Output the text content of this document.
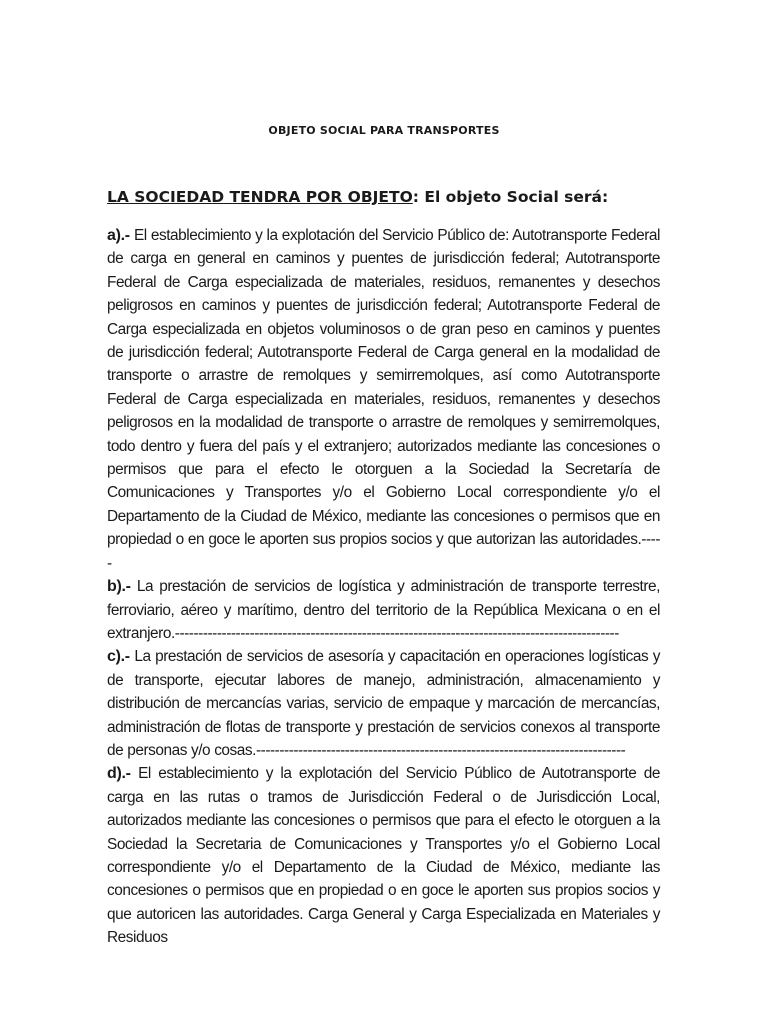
OBJETO SOCIAL PARA TRANSPORTES
LA SOCIEDAD TENDRA POR OBJETO: El objeto Social será:

a).- El establecimiento y la explotación del Servicio Público de: Autotransporte Federal de carga en general en caminos y puentes de jurisdicción federal; Autotransporte Federal de Carga especializada de materiales, residuos, remanentes y desechos peligrosos en caminos y puentes de jurisdicción federal; Autotransporte Federal de Carga especializada en objetos voluminosos o de gran peso en caminos y puentes de jurisdicción federal; Autotransporte Federal de Carga general en la modalidad de transporte o arrastre de remolques y semirremolques, así como Autotransporte Federal de Carga especializada en materiales, residuos, remanentes y desechos peligrosos en la modalidad de transporte o arrastre de remolques y semirremolques, todo dentro y fuera del país y el extranjero; autorizados mediante las concesiones o permisos que para el efecto le otorguen a la Sociedad la Secretaría de Comunicaciones y Transportes y/o el Gobierno Local correspondiente y/o el Departamento de la Ciudad de México, mediante las concesiones o permisos que en propiedad o en goce le aporten sus propios socios y que autorizan las autoridades.-----

b).- La prestación de servicios de logística y administración de transporte terrestre, ferroviario, aéreo y marítimo, dentro del territorio de la República Mexicana o en el extranjero.-----------------------------------------------------------------------------------------------

c).- La prestación de servicios de asesoría y capacitación en operaciones logísticas y de transporte, ejecutar labores de manejo, administración, almacenamiento y distribución de mercancías varias, servicio de empaque y marcación de mercancías, administración de flotas de transporte y prestación de servicios conexos al transporte de personas y/o cosas.-------------------------------------------------------------------------------

d).- El establecimiento y la explotación del Servicio Público de Autotransporte de carga en las rutas o tramos de Jurisdicción Federal o de Jurisdicción Local, autorizados mediante las concesiones o permisos que para el efecto le otorguen a la Sociedad la Secretaria de Comunicaciones y Transportes y/o el Gobierno Local correspondiente y/o el Departamento de la Ciudad de México, mediante las concesiones o permisos que en propiedad o en goce le aporten sus propios socios y que autoricen las autoridades. Carga General y Carga Especializada en Materiales y Residuos
